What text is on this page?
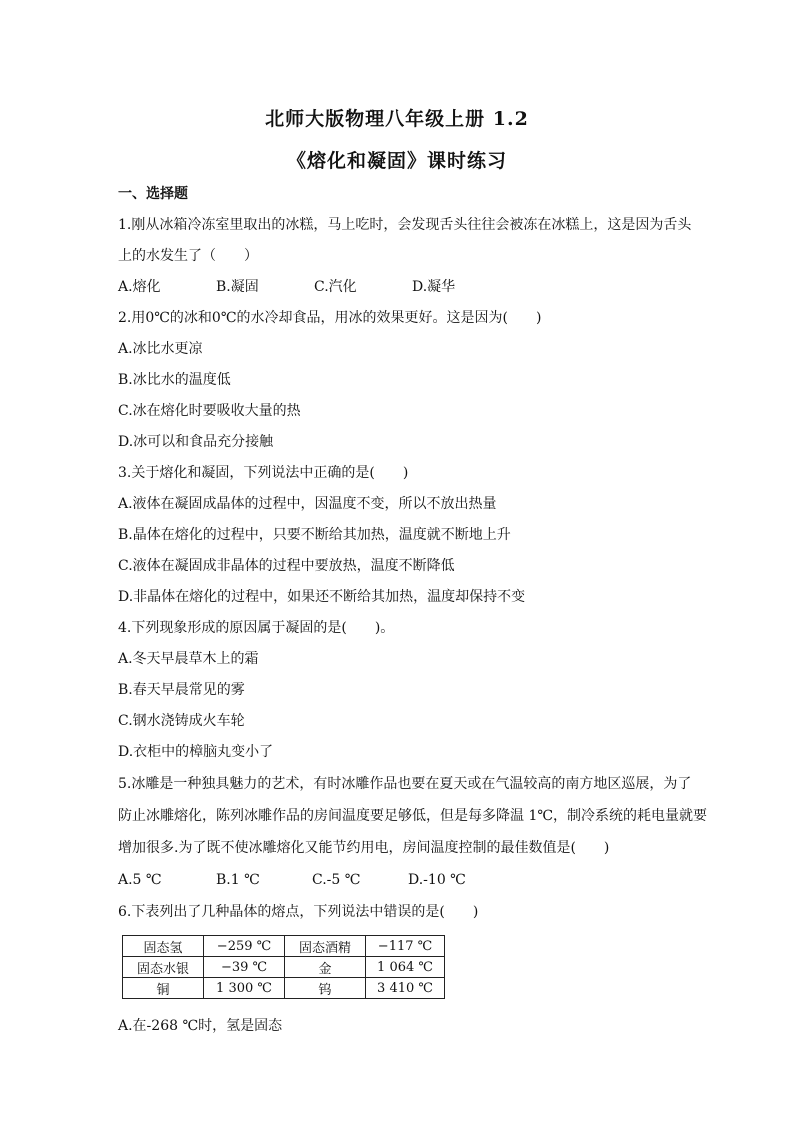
北师大版物理八年级上册 1.2
《熔化和凝固》课时练习
一、选择题
1.刚从冰箱冷冻室里取出的冰糕，马上吃时，会发现舌头往往会被冻在冰糕上，这是因为舌头
上的水发生了（　　）
A.熔化	B.凝固	C.汽化	D.凝华
2.用0℃的冰和0℃的水冷却食品，用冰的效果更好。这是因为(　　)
A.冰比水更凉
B.冰比水的温度低
C.冰在熔化时要吸收大量的热
D.冰可以和食品充分接触
3.关于熔化和凝固，下列说法中正确的是(　　)
A.液体在凝固成晶体的过程中，因温度不变，所以不放出热量
B.晶体在熔化的过程中，只要不断给其加热，温度就不断地上升
C.液体在凝固成非晶体的过程中要放热，温度不断降低
D.非晶体在熔化的过程中，如果还不断给其加热，温度却保持不变
4.下列现象形成的原因属于凝固的是(　　)。
A.冬天早晨草木上的霜
B.春天早晨常见的雾
C.钢水浇铸成火车轮
D.衣柜中的樟脑丸变小了
5.冰雕是一种独具魅力的艺术，有时冰雕作品也要在夏天或在气温较高的南方地区巡展，为了
防止冰雕熔化，陈列冰雕作品的房间温度要足够低，但是每多降温 1℃，制冷系统的耗电量就要
增加很多.为了既不使冰雕熔化又能节约用电，房间温度控制的最佳数值是(　　)
A.5 ℃	B.1 ℃	C.-5 ℃	D.-10 ℃
6.下表列出了几种晶体的熔点，下列说法中错误的是(　　)
固态氢	−259 ℃	固态酒精	−117 ℃
固态水银	−39 ℃	金	1 064 ℃
铜	1 300 ℃	钨	3 410 ℃
A.在-268 ℃时，氢是固态
